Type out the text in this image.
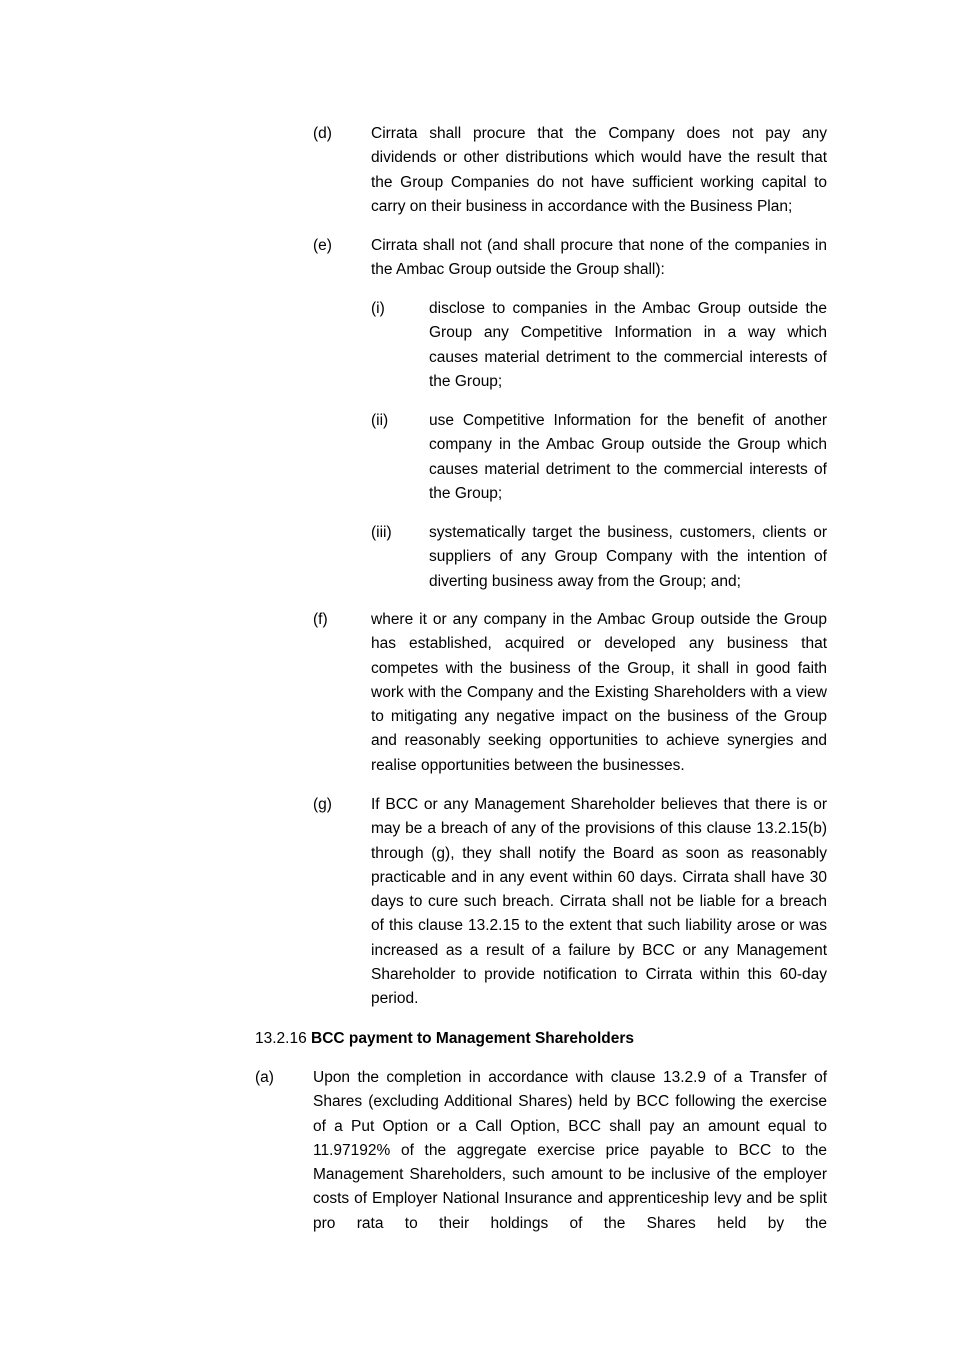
(d)	Cirrata shall procure that the Company does not pay any dividends or other distributions which would have the result that the Group Companies do not have sufficient working capital to carry on their business in accordance with the Business Plan;
(e)	Cirrata shall not (and shall procure that none of the companies in the Ambac Group outside the Group shall):
(i)	disclose to companies in the Ambac Group outside the Group any Competitive Information in a way which causes material detriment to the commercial interests of the Group;
(ii)	use Competitive Information for the benefit of another company in the Ambac Group outside the Group which causes material detriment to the commercial interests of the Group;
(iii) systematically target the business, customers, clients or suppliers of any Group Company with the intention of diverting business away from the Group; and;
(f)	where it or any company in the Ambac Group outside the Group has established, acquired or developed any business that competes with the business of the Group, it shall in good faith work with the Company and the Existing Shareholders with a view to mitigating any negative impact on the business of the Group and reasonably seeking opportunities to achieve synergies and realise opportunities between the businesses.
(g)	If BCC or any Management Shareholder believes that there is or may be a breach of any of the provisions of this clause 13.2.15(b) through (g), they shall notify the Board as soon as reasonably practicable and in any event within 60 days. Cirrata shall have 30 days to cure such breach. Cirrata shall not be liable for a breach of this clause 13.2.15 to the extent that such liability arose or was increased as a result of a failure by BCC or any Management Shareholder to provide notification to Cirrata within this 60-day period.
13.2.16 BCC payment to Management Shareholders
(a)	Upon the completion in accordance with clause 13.2.9 of a Transfer of Shares (excluding Additional Shares) held by BCC following the exercise of a Put Option or a Call Option, BCC shall pay an amount equal to 11.97192% of the aggregate exercise price payable to BCC to the Management Shareholders, such amount to be inclusive of the employer costs of Employer National Insurance and apprenticeship levy and be split pro rata to their holdings of the Shares held by the
